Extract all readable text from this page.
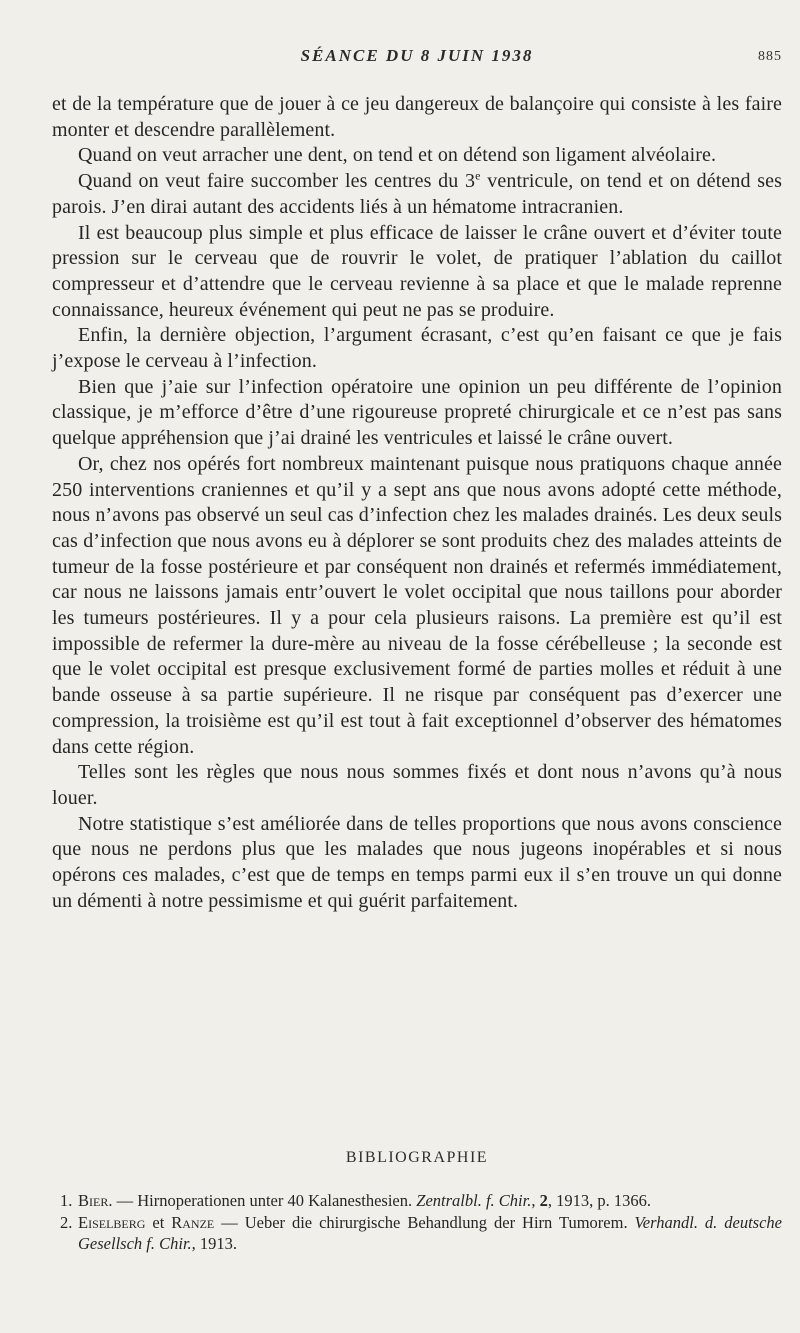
SÉANCE DU 8 JUIN 1938	885

et de la température que de jouer à ce jeu dangereux de balançoire qui consiste à les faire monter et descendre parallèlement.

Quand on veut arracher une dent, on tend et on détend son ligament alvéolaire.

Quand on veut faire succomber les centres du 3e ventricule, on tend et on détend ses parois. J’en dirai autant des accidents liés à un hématome intracranien.

Il est beaucoup plus simple et plus efficace de laisser le crâne ouvert et d’éviter toute pression sur le cerveau que de rouvrir le volet, de pratiquer l’ablation du caillot compresseur et d’attendre que le cerveau revienne à sa place et que le malade reprenne connaissance, heureux événement qui peut ne pas se produire.

Enfin, la dernière objection, l’argument écrasant, c’est qu’en faisant ce que je fais j’expose le cerveau à l’infection.

Bien que j’aie sur l’infection opératoire une opinion un peu différente de l’opinion classique, je m’efforce d’être d’une rigoureuse propreté chirurgicale et ce n’est pas sans quelque appréhension que j’ai drainé les ventricules et laissé le crâne ouvert.

Or, chez nos opérés fort nombreux maintenant puisque nous pratiquons chaque année 250 interventions craniennes et qu’il y a sept ans que nous avons adopté cette méthode, nous n’avons pas observé un seul cas d’infection chez les malades drainés. Les deux seuls cas d’infection que nous avons eu à déplorer se sont produits chez des malades atteints de tumeur de la fosse postérieure et par conséquent non drainés et refermés immédiatement, car nous ne laissons jamais entr’ouvert le volet occipital que nous taillons pour aborder les tumeurs postérieures. Il y a pour cela plusieurs raisons. La première est qu’il est impossible de refermer la dure-mère au niveau de la fosse cérébelleuse ; la seconde est que le volet occipital est presque exclusivement formé de parties molles et réduit à une bande osseuse à sa partie supérieure. Il ne risque par conséquent pas d’exercer une compression, la troisième est qu’il est tout à fait exceptionnel d’observer des hématomes dans cette région.

Telles sont les règles que nous nous sommes fixés et dont nous n’avons qu’à nous louer.

Notre statistique s’est améliorée dans de telles proportions que nous avons conscience que nous ne perdons plus que les malades que nous jugeons inopérables et si nous opérons ces malades, c’est que de temps en temps parmi eux il s’en trouve un qui donne un démenti à notre pessimisme et qui guérit parfaitement.

BIBLIOGRAPHIE
1. Bier. — Hirnoperationen unter 40 Kalanesthesien. Zentralbl. f. Chir., 2, 1913, p. 1366.
2. Eiselberg et Ranze — Ueber die chirurgische Behandlung der Hirn Tumorem. Verhandl. d. deutsche Gesellsch f. Chir., 1913.
